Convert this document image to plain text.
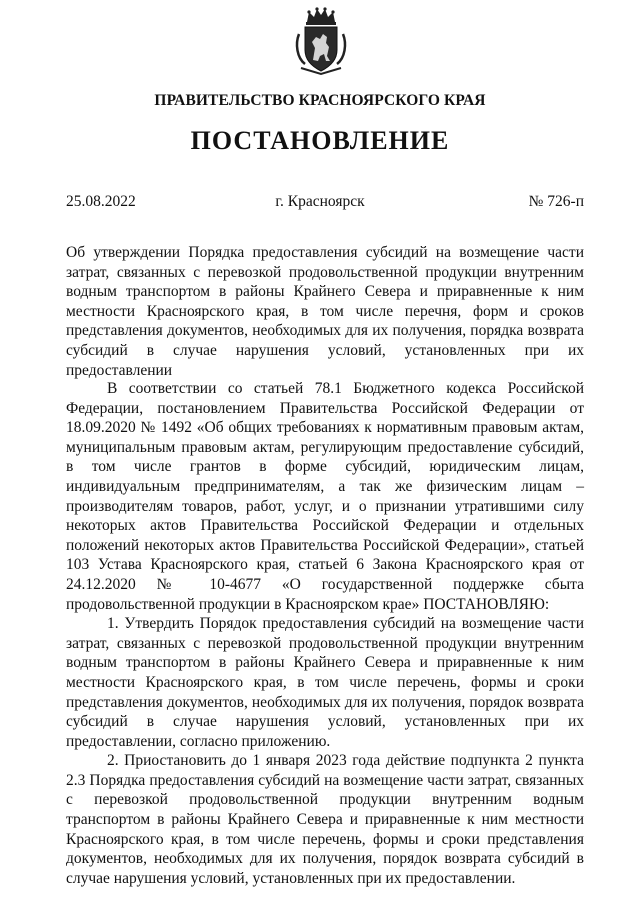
ПРАВИТЕЛЬСТВО КРАСНОЯРСКОГО КРАЯ
ПОСТАНОВЛЕНИЕ
25.08.2022	г. Красноярск	№ 726-п
Об утверждении Порядка предоставления субсидий на возмещение части затрат, связанных с перевозкой продовольственной продукции внутренним водным транспортом в районы Крайнего Севера и приравненные к ним местности Красноярского края, в том числе перечня, форм и сроков представления документов, необходимых для их получения, порядка возврата субсидий в случае нарушения условий, установленных при их предоставлении

В соответствии со статьей 78.1 Бюджетного кодекса Российской Федерации, постановлением Правительства Российской Федерации от 18.09.2020 № 1492 «Об общих требованиях к нормативным правовым актам, муниципальным правовым актам, регулирующим предоставление субсидий, в том числе грантов в форме субсидий, юридическим лицам, индивидуальным предпринимателям, а так же физическим лицам – производителям товаров, работ, услуг, и о признании утратившими силу некоторых актов Правительства Российской Федерации и отдельных положений некоторых актов Правительства Российской Федерации», статьей 103 Устава Красноярского края, статьей 6 Закона Красноярского края от 24.12.2020 № 10-4677 «О государственной поддержке сбыта продовольственной продукции в Красноярском крае» ПОСТАНОВЛЯЮ:

1. Утвердить Порядок предоставления субсидий на возмещение части затрат, связанных с перевозкой продовольственной продукции внутренним водным транспортом в районы Крайнего Севера и приравненные к ним местности Красноярского края, в том числе перечень, формы и сроки представления документов, необходимых для их получения, порядок возврата субсидий в случае нарушения условий, установленных при их предоставлении, согласно приложению.

2. Приостановить до 1 января 2023 года действие подпункта 2 пункта 2.3 Порядка предоставления субсидий на возмещение части затрат, связанных с перевозкой продовольственной продукции внутренним водным транспортом в районы Крайнего Севера и приравненные к ним местности Красноярского края, в том числе перечень, формы и сроки представления документов, необходимых для их получения, порядок возврата субсидий в случае нарушения условий, установленных при их предоставлении.
